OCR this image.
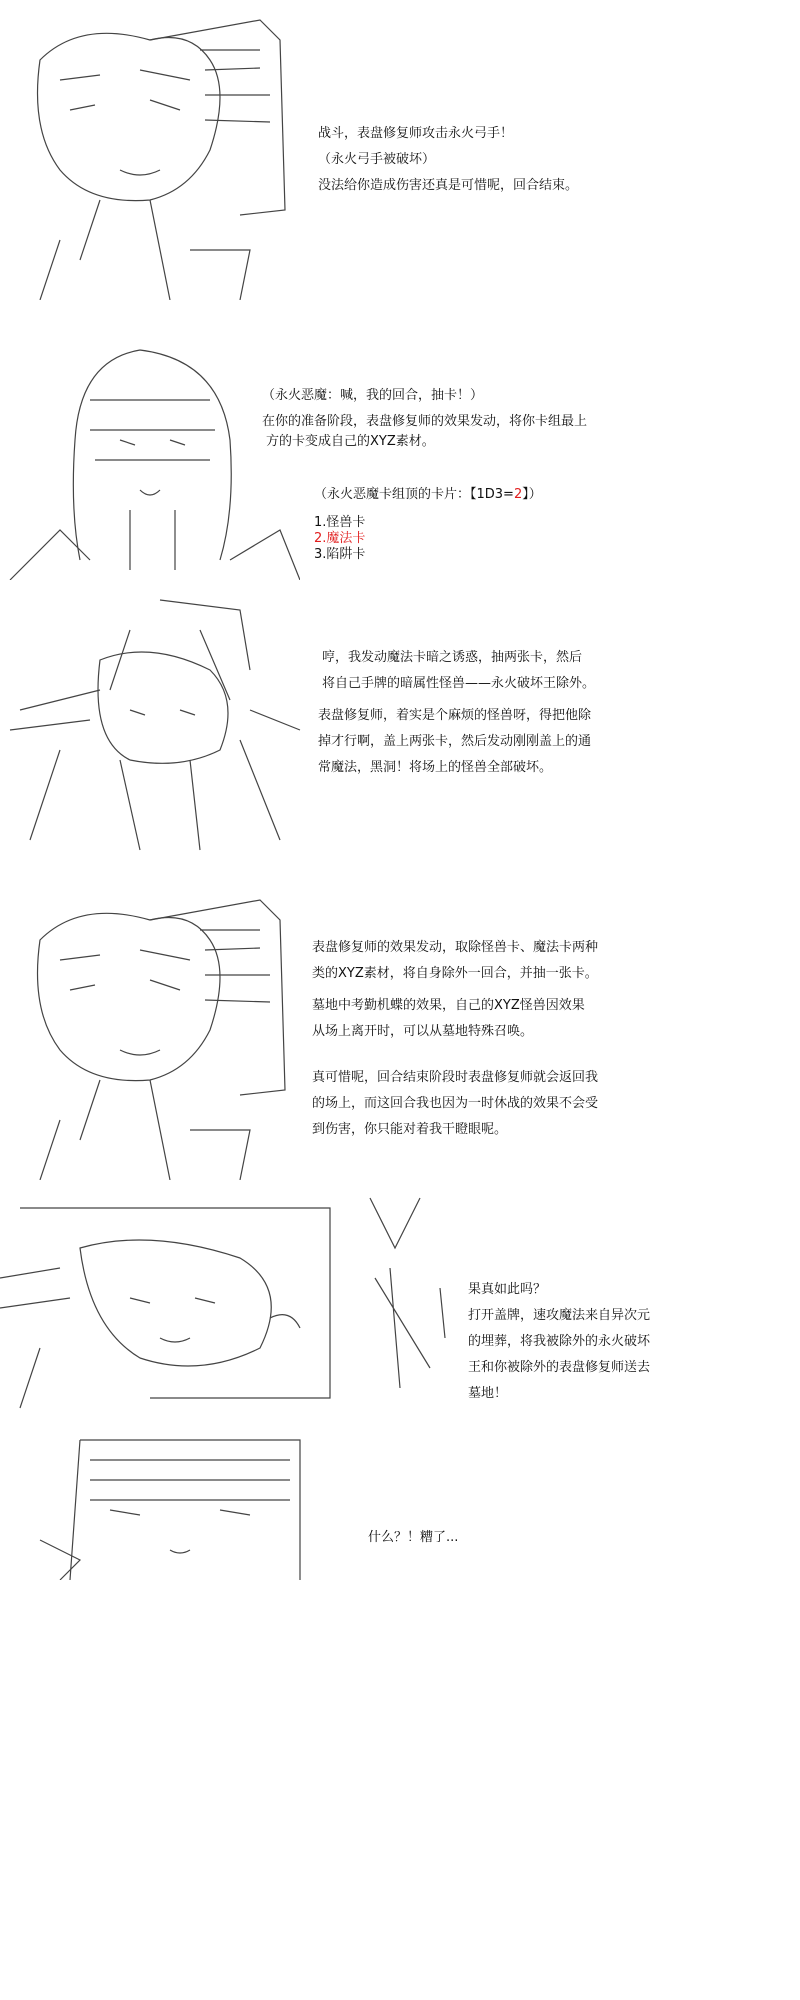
战斗，表盘修复师攻击永火弓手！

（永火弓手被破坏）

没法给你造成伤害还真是可惜呢，回合结束。

（永火恶魔：喊，我的回合，抽卡！）

在你的准备阶段，表盘修复师的效果发动，将你卡组最上

方的卡变成自己的XYZ素材。

（永火恶魔卡组顶的卡片：【1D3=2】）

1.怪兽卡

2.魔法卡

3.陷阱卡

哼，我发动魔法卡暗之诱惑，抽两张卡，然后

将自己手牌的暗属性怪兽——永火破坏王除外。

表盘修复师，着实是个麻烦的怪兽呀，得把他除

掉才行啊，盖上两张卡，然后发动刚刚盖上的通

常魔法，黑洞！将场上的怪兽全部破坏。

表盘修复师的效果发动，取除怪兽卡、魔法卡两种

类的XYZ素材，将自身除外一回合，并抽一张卡。

墓地中考勤机蝶的效果，自己的XYZ怪兽因效果

从场上离开时，可以从墓地特殊召唤。

真可惜呢，回合结束阶段时表盘修复师就会返回我

的场上，而这回合我也因为一时休战的效果不会受

到伤害，你只能对着我干瞪眼呢。

果真如此吗？

打开盖牌，速攻魔法来自异次元

的埋葬，将我被除外的永火破坏

王和你被除外的表盘修复师送去

墓地！

什么？！糟了...
